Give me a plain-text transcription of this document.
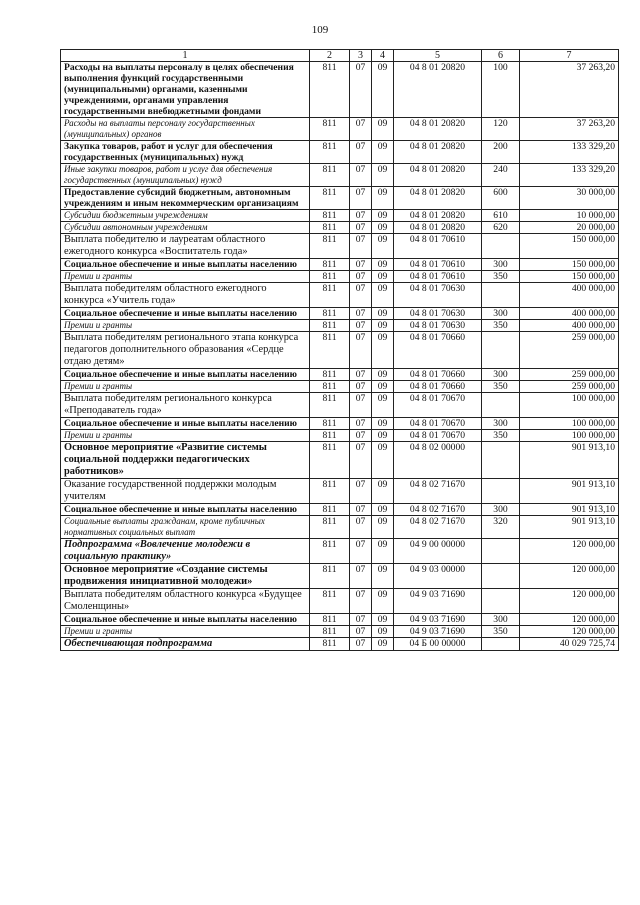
109
1	2	3	4	5	6	7
Расходы на выплаты персоналу в целях обеспечения выполнения функций государственными (муниципальными) органами, казенными учреждениями, органами управления государственными внебюджетными фондами	811	07	09	04 8 01 20820	100	37 263,20
Расходы на выплаты персоналу государственных (муниципальных) органов	811	07	09	04 8 01 20820	120	37 263,20
Закупка товаров, работ и услуг для обеспечения государственных (муниципальных) нужд	811	07	09	04 8 01 20820	200	133 329,20
Иные закупки товаров, работ и услуг для обеспечения государственных (муниципальных) нужд	811	07	09	04 8 01 20820	240	133 329,20
Предоставление субсидий бюджетным, автономным учреждениям и иным некоммерческим организациям	811	07	09	04 8 01 20820	600	30 000,00
Субсидии бюджетным учреждениям	811	07	09	04 8 01 20820	610	10 000,00
Субсидии автономным учреждениям	811	07	09	04 8 01 20820	620	20 000,00
Выплата победителю и лауреатам областного ежегодного конкурса «Воспитатель года»	811	07	09	04 8 01 70610		150 000,00
Социальное обеспечение и иные выплаты населению	811	07	09	04 8 01 70610	300	150 000,00
Премии и гранты	811	07	09	04 8 01 70610	350	150 000,00
Выплата победителям областного ежегодного конкурса «Учитель года»	811	07	09	04 8 01 70630		400 000,00
Социальное обеспечение и иные выплаты населению	811	07	09	04 8 01 70630	300	400 000,00
Премии и гранты	811	07	09	04 8 01 70630	350	400 000,00
Выплата победителям регионального этапа конкурса педагогов дополнительного образования «Сердце отдаю детям»	811	07	09	04 8 01 70660		259 000,00
Социальное обеспечение и иные выплаты населению	811	07	09	04 8 01 70660	300	259 000,00
Премии и гранты	811	07	09	04 8 01 70660	350	259 000,00
Выплата победителям регионального конкурса «Преподаватель года»	811	07	09	04 8 01 70670		100 000,00
Социальное обеспечение и иные выплаты населению	811	07	09	04 8 01 70670	300	100 000,00
Премии и гранты	811	07	09	04 8 01 70670	350	100 000,00
Основное мероприятие «Развитие системы социальной поддержки педагогических работников»	811	07	09	04 8 02 00000		901 913,10
Оказание государственной поддержки молодым учителям	811	07	09	04 8 02 71670		901 913,10
Социальное обеспечение и иные выплаты населению	811	07	09	04 8 02 71670	300	901 913,10
Социальные выплаты гражданам, кроме публичных нормативных социальных выплат	811	07	09	04 8 02 71670	320	901 913,10
Подпрограмма «Вовлечение молодежи в социальную практику»	811	07	09	04 9 00 00000		120 000,00
Основное мероприятие «Создание системы продвижения инициативной молодежи»	811	07	09	04 9 03 00000		120 000,00
Выплата победителям областного конкурса «Будущее Смоленщины»	811	07	09	04 9 03 71690		120 000,00
Социальное обеспечение и иные выплаты населению	811	07	09	04 9 03 71690	300	120 000,00
Премии и гранты	811	07	09	04 9 03 71690	350	120 000,00
Обеспечивающая подпрограмма	811	07	09	04 Б 00 00000		40 029 725,74
